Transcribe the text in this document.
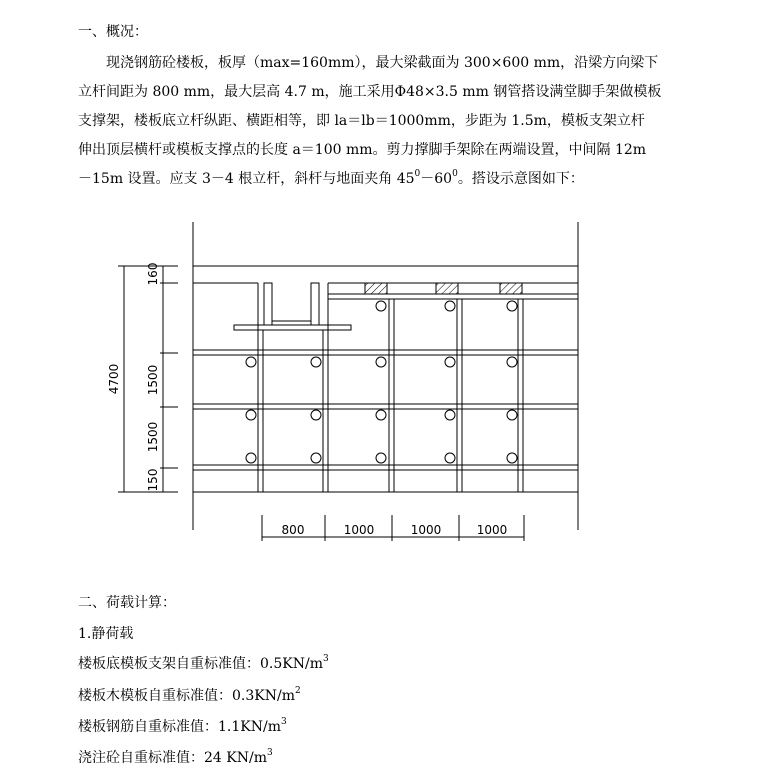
一、概况：
现浇钢筋砼楼板，板厚（max=160mm），最大梁截面为 300×600 mm，沿梁方向梁下
立杆间距为 800 mm，最大层高 4.7 m，施工采用Φ48×3.5 mm 钢管搭设满堂脚手架做模板
支撑架，楼板底立杆纵距、横距相等，即 la＝lb＝1000mm，步距为 1.5m，模板支架立杆
伸出顶层横杆或模板支撑点的长度 a＝100 mm。剪力撑脚手架除在两端设置，中间隔 12m
－15m 设置。应支 3－4 根立杆，斜杆与地面夹角 $45^0-60^0$。搭设示意图如下：
4700
160
1500
1500
150
800	1000	1000	1000
二、荷载计算：
1.静荷载
楼板底模板支架自重标准值：$0.5KN/m^3$
楼板木模板自重标准值：$0.3KN/m^2$
楼板钢筋自重标准值：$1.1KN/m^3$
浇注砼自重标准值：24 $KN/m^3$
